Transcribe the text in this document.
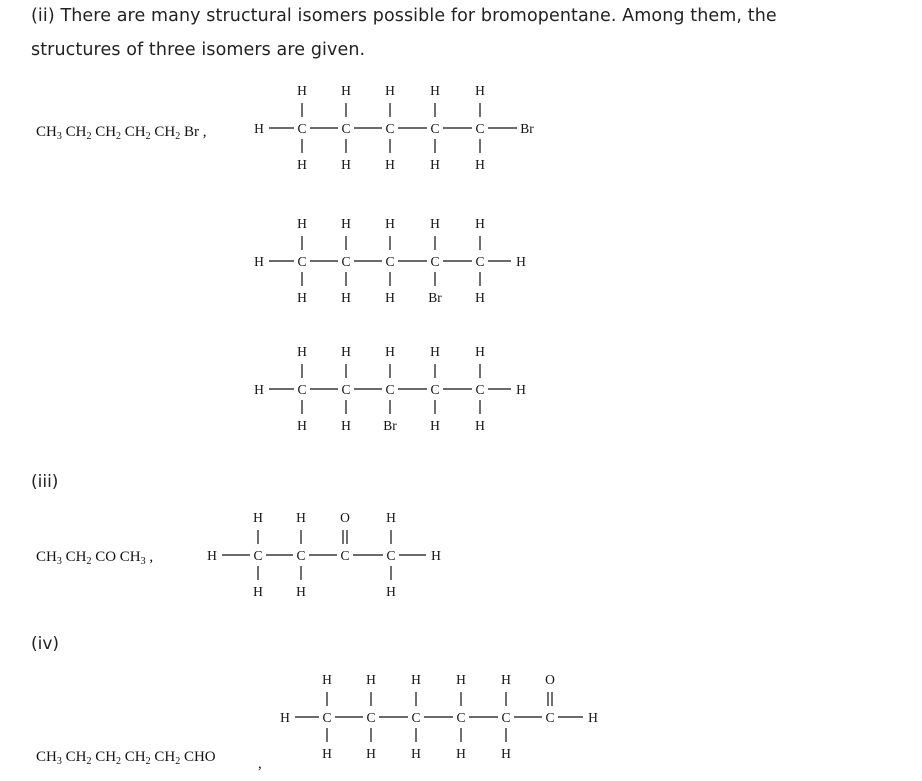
(ii) There are many structural isomers possible for bromopentane. Among them, the
structures of three isomers are given.
$CH_3$ $CH_2$ $CH_2$ $CH_2$ $CH_2$ Br ,
(iii)
$CH_3$ $CH_2$ CO $CH_3$ ,
(iv)
$CH_3$ $CH_2$ $CH_2$ $CH_2$ $CH_2$ CHO	,
H C
H
H
C
H
H
C
H
H
C
H
H
C
H
H
Br
H C
H
H
C
H
H
C
H
H
C
H
Br
C
H
H
H
H C
H
H
C
H
H
C
H
Br
C
H
H
C
H
H
H
H	C
H
H
C
H
H
C
O
C
H
H
H
H C
H
H
C
H
H
C
H
H
C
H
H
C
H
H
C
O
H
